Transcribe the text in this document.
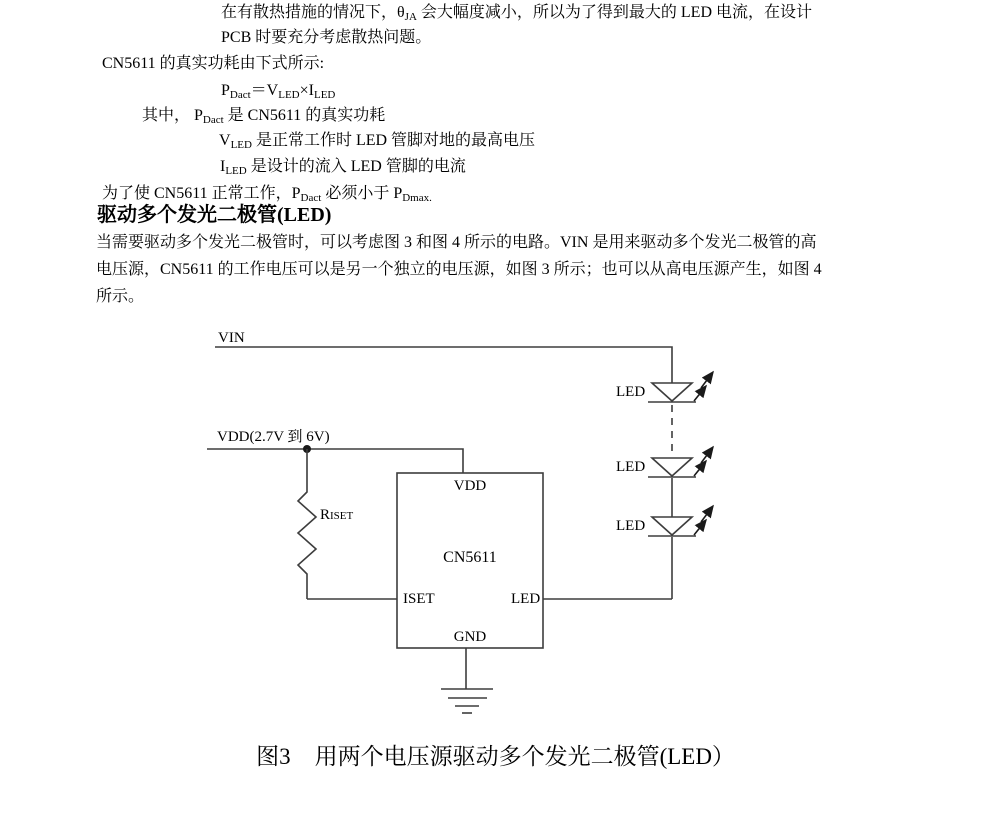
在有散热措施的情况下，$\theta_{JA}$ 会大幅度减小，所以为了得到最大的 LED 电流，在设计
PCB 时要充分考虑散热问题。
CN5611 的真实功耗由下式所示:
$P_{Dact}=V_{LED}\times I_{LED}$
其中， $P_{Dact}$ 是 CN5611 的真实功耗
$V_{LED}$ 是正常工作时 LED 管脚对地的最高电压
$I_{LED}$ 是设计的流入 LED 管脚的电流
为了使 CN5611 正常工作，$P_{Dact}$ 必须小于 $P_{Dmax.}$
驱动多个发光二极管(LED)
当需要驱动多个发光二极管时，可以考虑图 3 和图 4 所示的电路。VIN 是用来驱动多个发光二极管的高
电压源，CN5611 的工作电压可以是另一个独立的电压源，如图 3 所示；也可以从高电压源产生，如图 4
所示。
VIN
VDD(2.7V 到 6V)
RISET
VDD
CN5611
ISET	LED
GND
LED
LED
LED
图3 用两个电压源驱动多个发光二极管(LED）
